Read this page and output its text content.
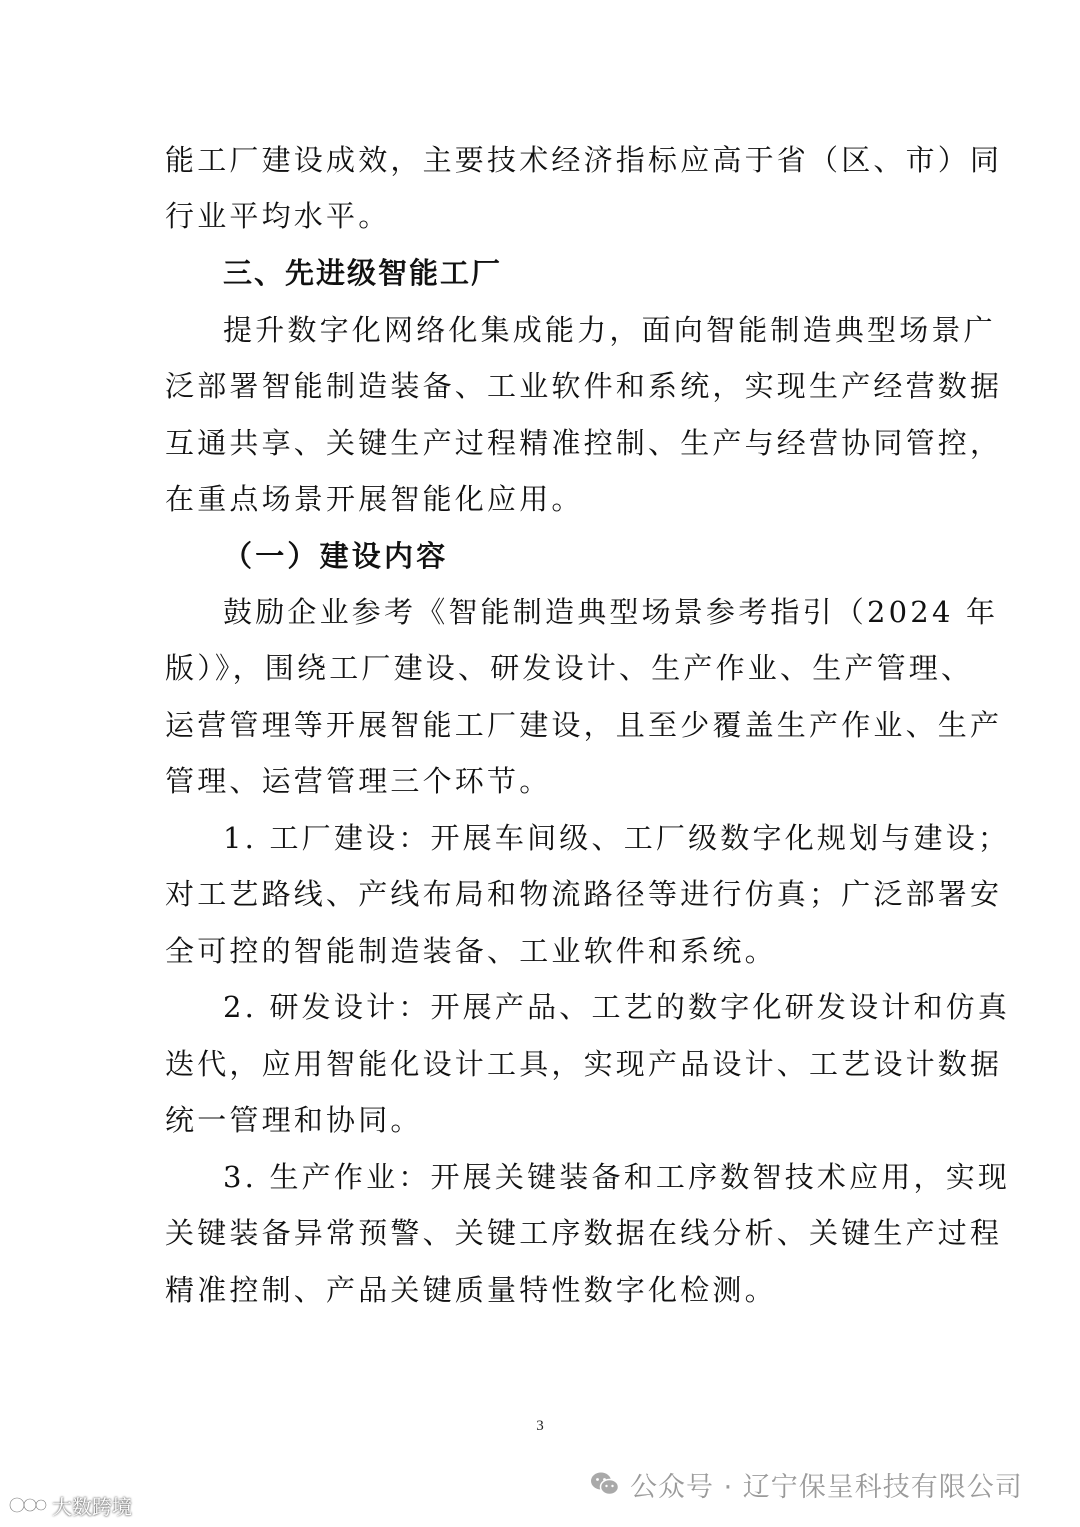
能工厂建设成效，主要技术经济指标应高于省（区、市）同
行业平均水平。
三、先进级智能工厂
提升数字化网络化集成能力，面向智能制造典型场景广
泛部署智能制造装备、工业软件和系统，实现生产经营数据
互通共享、关键生产过程精准控制、生产与经营协同管控，
在重点场景开展智能化应用。
（一）建设内容
鼓励企业参考《智能制造典型场景参考指引（2024 年
版）》，围绕工厂建设、研发设计、生产作业、生产管理、
运营管理等开展智能工厂建设，且至少覆盖生产作业、生产
管理、运营管理三个环节。
1. 工厂建设：开展车间级、工厂级数字化规划与建设；
对工艺路线、产线布局和物流路径等进行仿真；广泛部署安
全可控的智能制造装备、工业软件和系统。
2. 研发设计：开展产品、工艺的数字化研发设计和仿真
迭代，应用智能化设计工具，实现产品设计、工艺设计数据
统一管理和协同。
3. 生产作业：开展关键装备和工序数智技术应用，实现
关键装备异常预警、关键工序数据在线分析、关键生产过程
精准控制、产品关键质量特性数字化检测。
3
公众号 · 辽宁保呈科技有限公司
大数跨境
